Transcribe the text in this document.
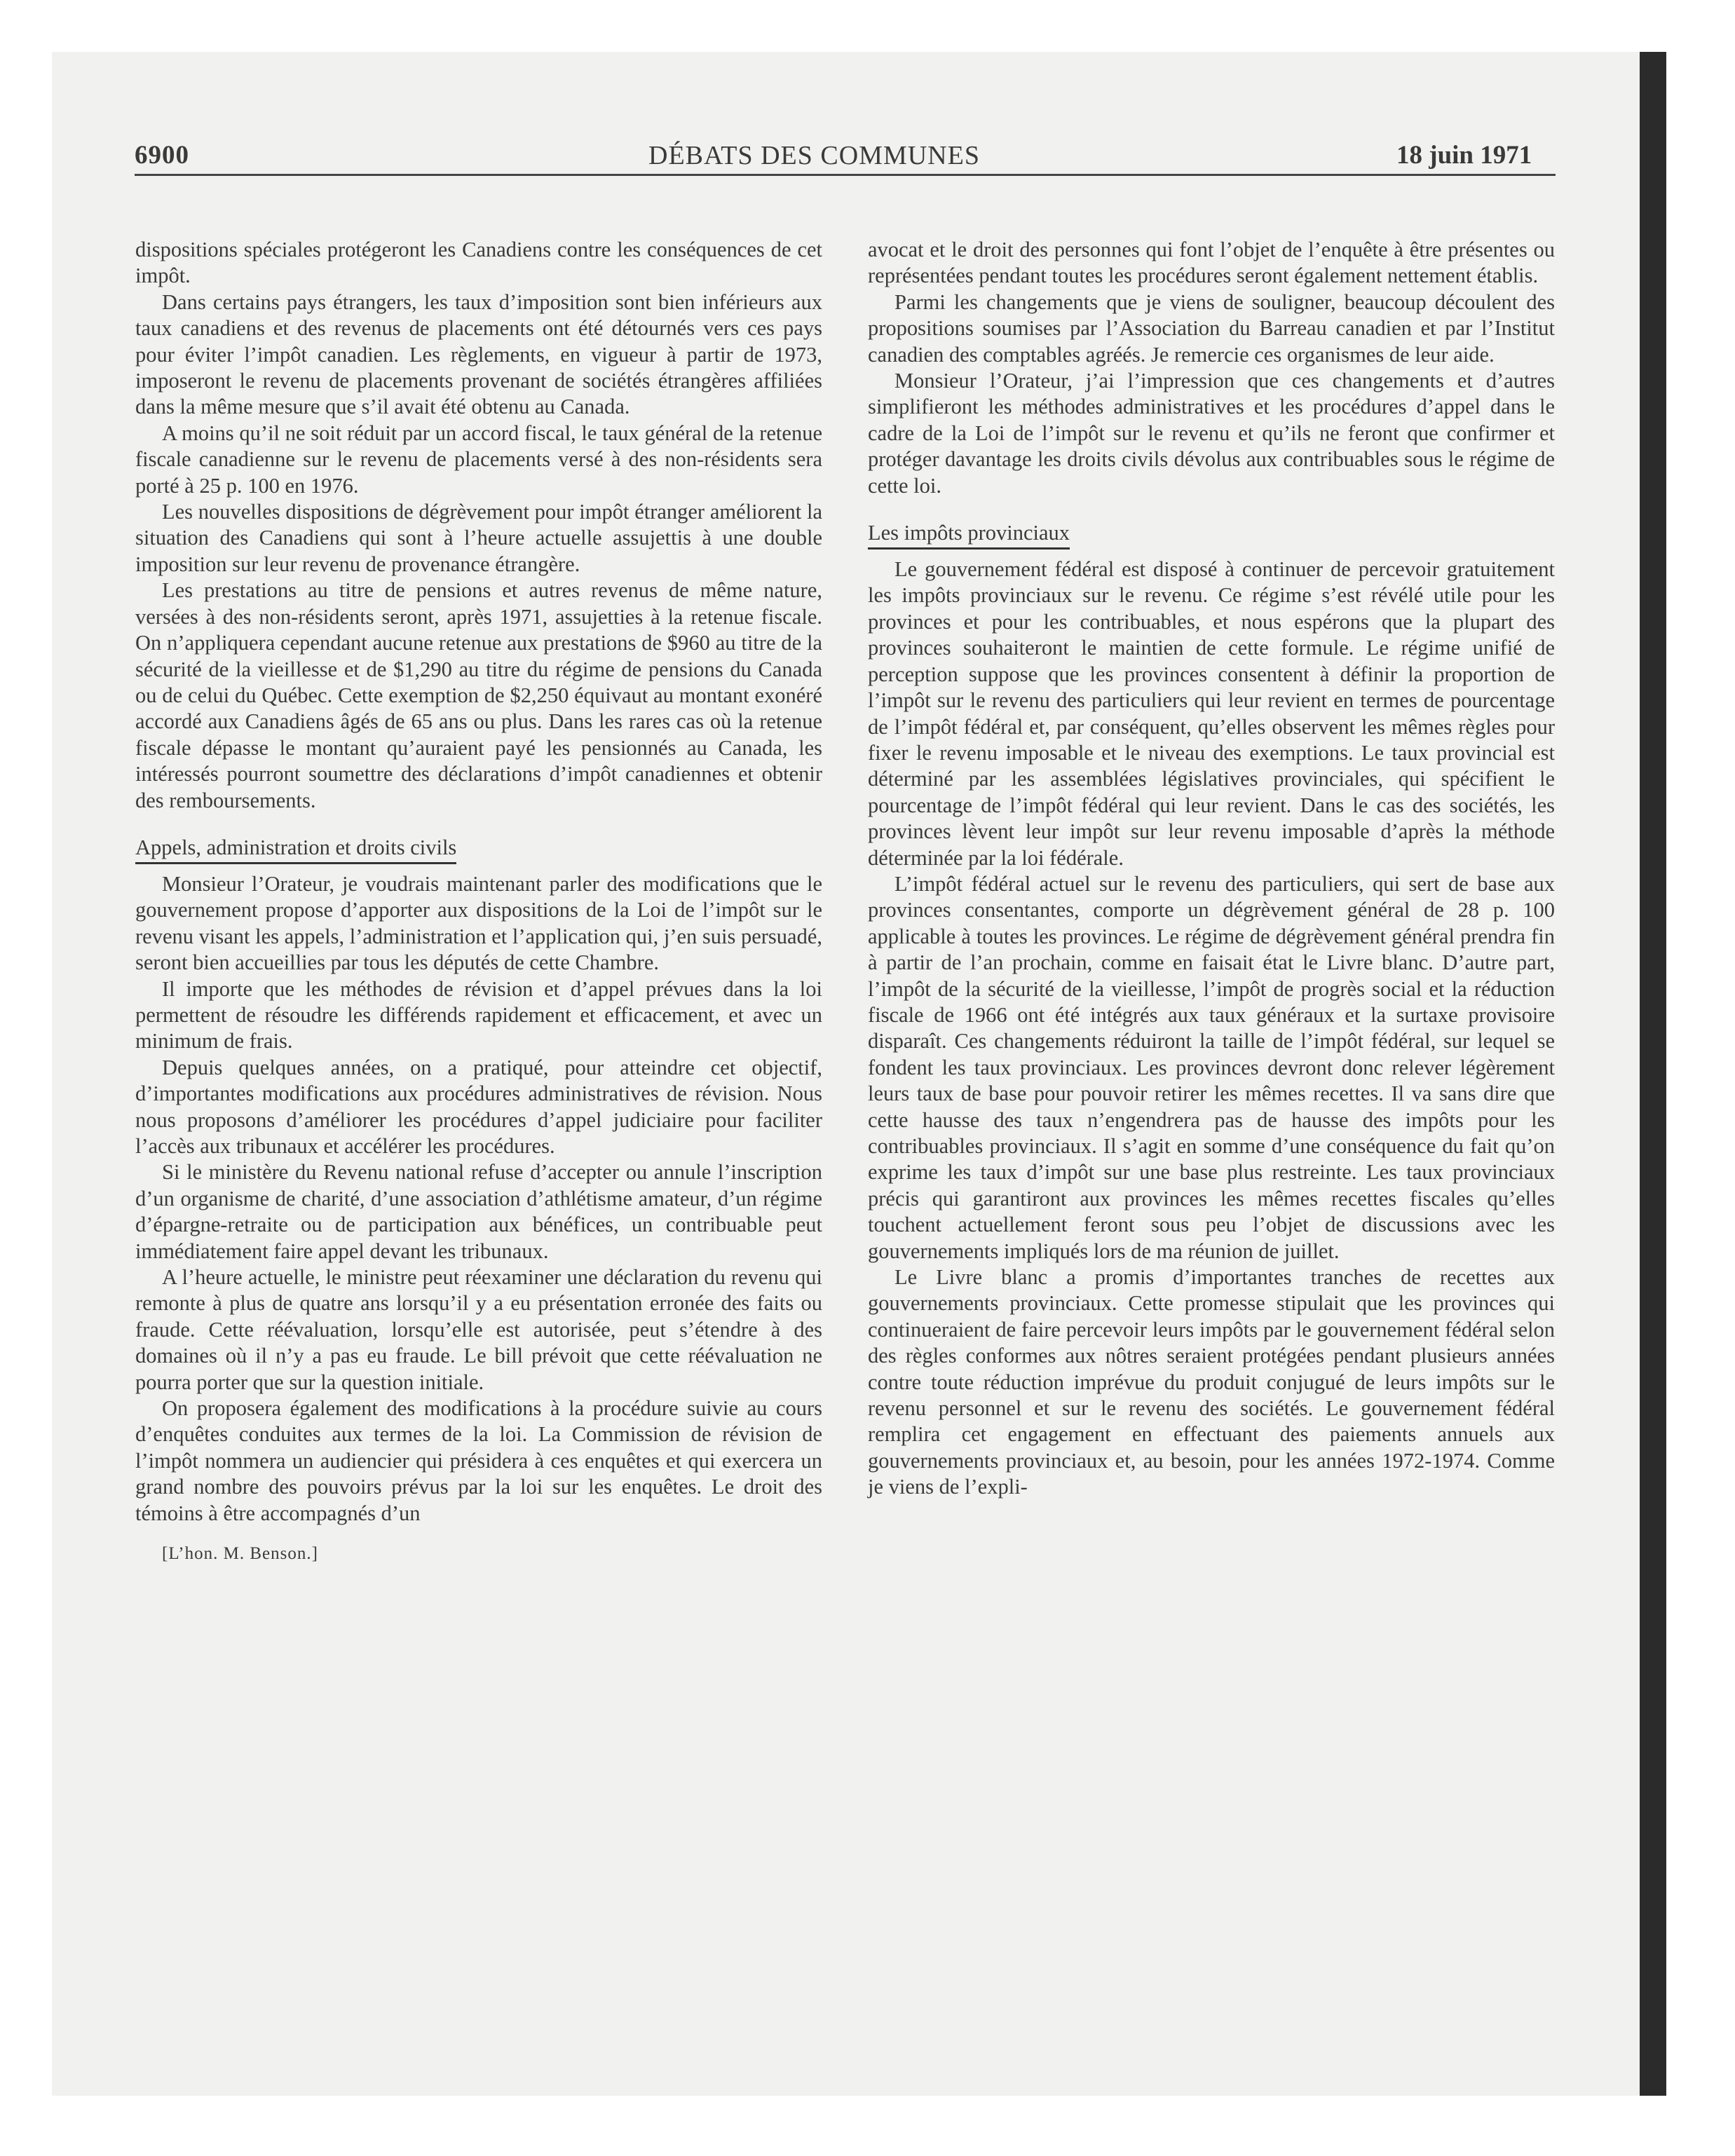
6900	DÉBATS DES COMMUNES	18 juin 1971

dispositions spéciales protégeront les Canadiens contre les conséquences de cet impôt.

Dans certains pays étrangers, les taux d’imposition sont bien inférieurs aux taux canadiens et des revenus de placements ont été détournés vers ces pays pour éviter l’impôt canadien. Les règlements, en vigueur à partir de 1973, imposeront le revenu de placements provenant de sociétés étrangères affiliées dans la même mesure que s’il avait été obtenu au Canada.

A moins qu’il ne soit réduit par un accord fiscal, le taux général de la retenue fiscale canadienne sur le revenu de placements versé à des non-résidents sera porté à 25 p. 100 en 1976.

Les nouvelles dispositions de dégrèvement pour impôt étranger améliorent la situation des Canadiens qui sont à l’heure actuelle assujettis à une double imposition sur leur revenu de provenance étrangère.

Les prestations au titre de pensions et autres revenus de même nature, versées à des non-résidents seront, après 1971, assujetties à la retenue fiscale. On n’appliquera cependant aucune retenue aux prestations de $960 au titre de la sécurité de la vieillesse et de $1,290 au titre du régime de pensions du Canada ou de celui du Québec. Cette exemption de $2,250 équivaut au montant exonéré accordé aux Canadiens âgés de 65 ans ou plus. Dans les rares cas où la retenue fiscale dépasse le montant qu’auraient payé les pensionnés au Canada, les intéressés pourront soumettre des déclarations d’impôt canadiennes et obtenir des remboursements.

Appels, administration et droits civils

Monsieur l’Orateur, je voudrais maintenant parler des modifications que le gouvernement propose d’apporter aux dispositions de la Loi de l’impôt sur le revenu visant les appels, l’administration et l’application qui, j’en suis persuadé, seront bien accueillies par tous les députés de cette Chambre.

Il importe que les méthodes de révision et d’appel prévues dans la loi permettent de résoudre les différends rapidement et efficacement, et avec un minimum de frais.

Depuis quelques années, on a pratiqué, pour atteindre cet objectif, d’importantes modifications aux procédures administratives de révision. Nous nous proposons d’améliorer les procédures d’appel judiciaire pour faciliter l’accès aux tribunaux et accélérer les procédures.

Si le ministère du Revenu national refuse d’accepter ou annule l’inscription d’un organisme de charité, d’une association d’athlétisme amateur, d’un régime d’épargne-retraite ou de participation aux bénéfices, un contribuable peut immédiatement faire appel devant les tribunaux.

A l’heure actuelle, le ministre peut réexaminer une déclaration du revenu qui remonte à plus de quatre ans lorsqu’il y a eu présentation erronée des faits ou fraude. Cette réévaluation, lorsqu’elle est autorisée, peut s’étendre à des domaines où il n’y a pas eu fraude. Le bill prévoit que cette réévaluation ne pourra porter que sur la question initiale.

On proposera également des modifications à la procédure suivie au cours d’enquêtes conduites aux termes de la loi. La Commission de révision de l’impôt nommera un audiencier qui présidera à ces enquêtes et qui exercera un grand nombre des pouvoirs prévus par la loi sur les enquêtes. Le droit des témoins à être accompagnés d’un

[L’hon. M. Benson.]

avocat et le droit des personnes qui font l’objet de l’enquête à être présentes ou représentées pendant toutes les procédures seront également nettement établis.

Parmi les changements que je viens de souligner, beaucoup découlent des propositions soumises par l’Association du Barreau canadien et par l’Institut canadien des comptables agréés. Je remercie ces organismes de leur aide.

Monsieur l’Orateur, j’ai l’impression que ces changements et d’autres simplifieront les méthodes administratives et les procédures d’appel dans le cadre de la Loi de l’impôt sur le revenu et qu’ils ne feront que confirmer et protéger davantage les droits civils dévolus aux contribuables sous le régime de cette loi.

Les impôts provinciaux

Le gouvernement fédéral est disposé à continuer de percevoir gratuitement les impôts provinciaux sur le revenu. Ce régime s’est révélé utile pour les provinces et pour les contribuables, et nous espérons que la plupart des provinces souhaiteront le maintien de cette formule. Le régime unifié de perception suppose que les provinces consentent à définir la proportion de l’impôt sur le revenu des particuliers qui leur revient en termes de pourcentage de l’impôt fédéral et, par conséquent, qu’elles observent les mêmes règles pour fixer le revenu imposable et le niveau des exemptions. Le taux provincial est déterminé par les assemblées législatives provinciales, qui spécifient le pourcentage de l’impôt fédéral qui leur revient. Dans le cas des sociétés, les provinces lèvent leur impôt sur leur revenu imposable d’après la méthode déterminée par la loi fédérale.

L’impôt fédéral actuel sur le revenu des particuliers, qui sert de base aux provinces consentantes, comporte un dégrèvement général de 28 p. 100 applicable à toutes les provinces. Le régime de dégrèvement général prendra fin à partir de l’an prochain, comme en faisait état le Livre blanc. D’autre part, l’impôt de la sécurité de la vieillesse, l’impôt de progrès social et la réduction fiscale de 1966 ont été intégrés aux taux généraux et la surtaxe provisoire disparaît. Ces changements réduiront la taille de l’impôt fédéral, sur lequel se fondent les taux provinciaux. Les provinces devront donc relever légèrement leurs taux de base pour pouvoir retirer les mêmes recettes. Il va sans dire que cette hausse des taux n’engendrera pas de hausse des impôts pour les contribuables provinciaux. Il s’agit en somme d’une conséquence du fait qu’on exprime les taux d’impôt sur une base plus restreinte. Les taux provinciaux précis qui garantiront aux provinces les mêmes recettes fiscales qu’elles touchent actuellement feront sous peu l’objet de discussions avec les gouvernements impliqués lors de ma réunion de juillet.

Le Livre blanc a promis d’importantes tranches de recettes aux gouvernements provinciaux. Cette promesse stipulait que les provinces qui continueraient de faire percevoir leurs impôts par le gouvernement fédéral selon des règles conformes aux nôtres seraient protégées pendant plusieurs années contre toute réduction imprévue du produit conjugué de leurs impôts sur le revenu personnel et sur le revenu des sociétés. Le gouvernement fédéral remplira cet engagement en effectuant des paiements annuels aux gouvernements provinciaux et, au besoin, pour les années 1972-1974. Comme je viens de l’expli-
